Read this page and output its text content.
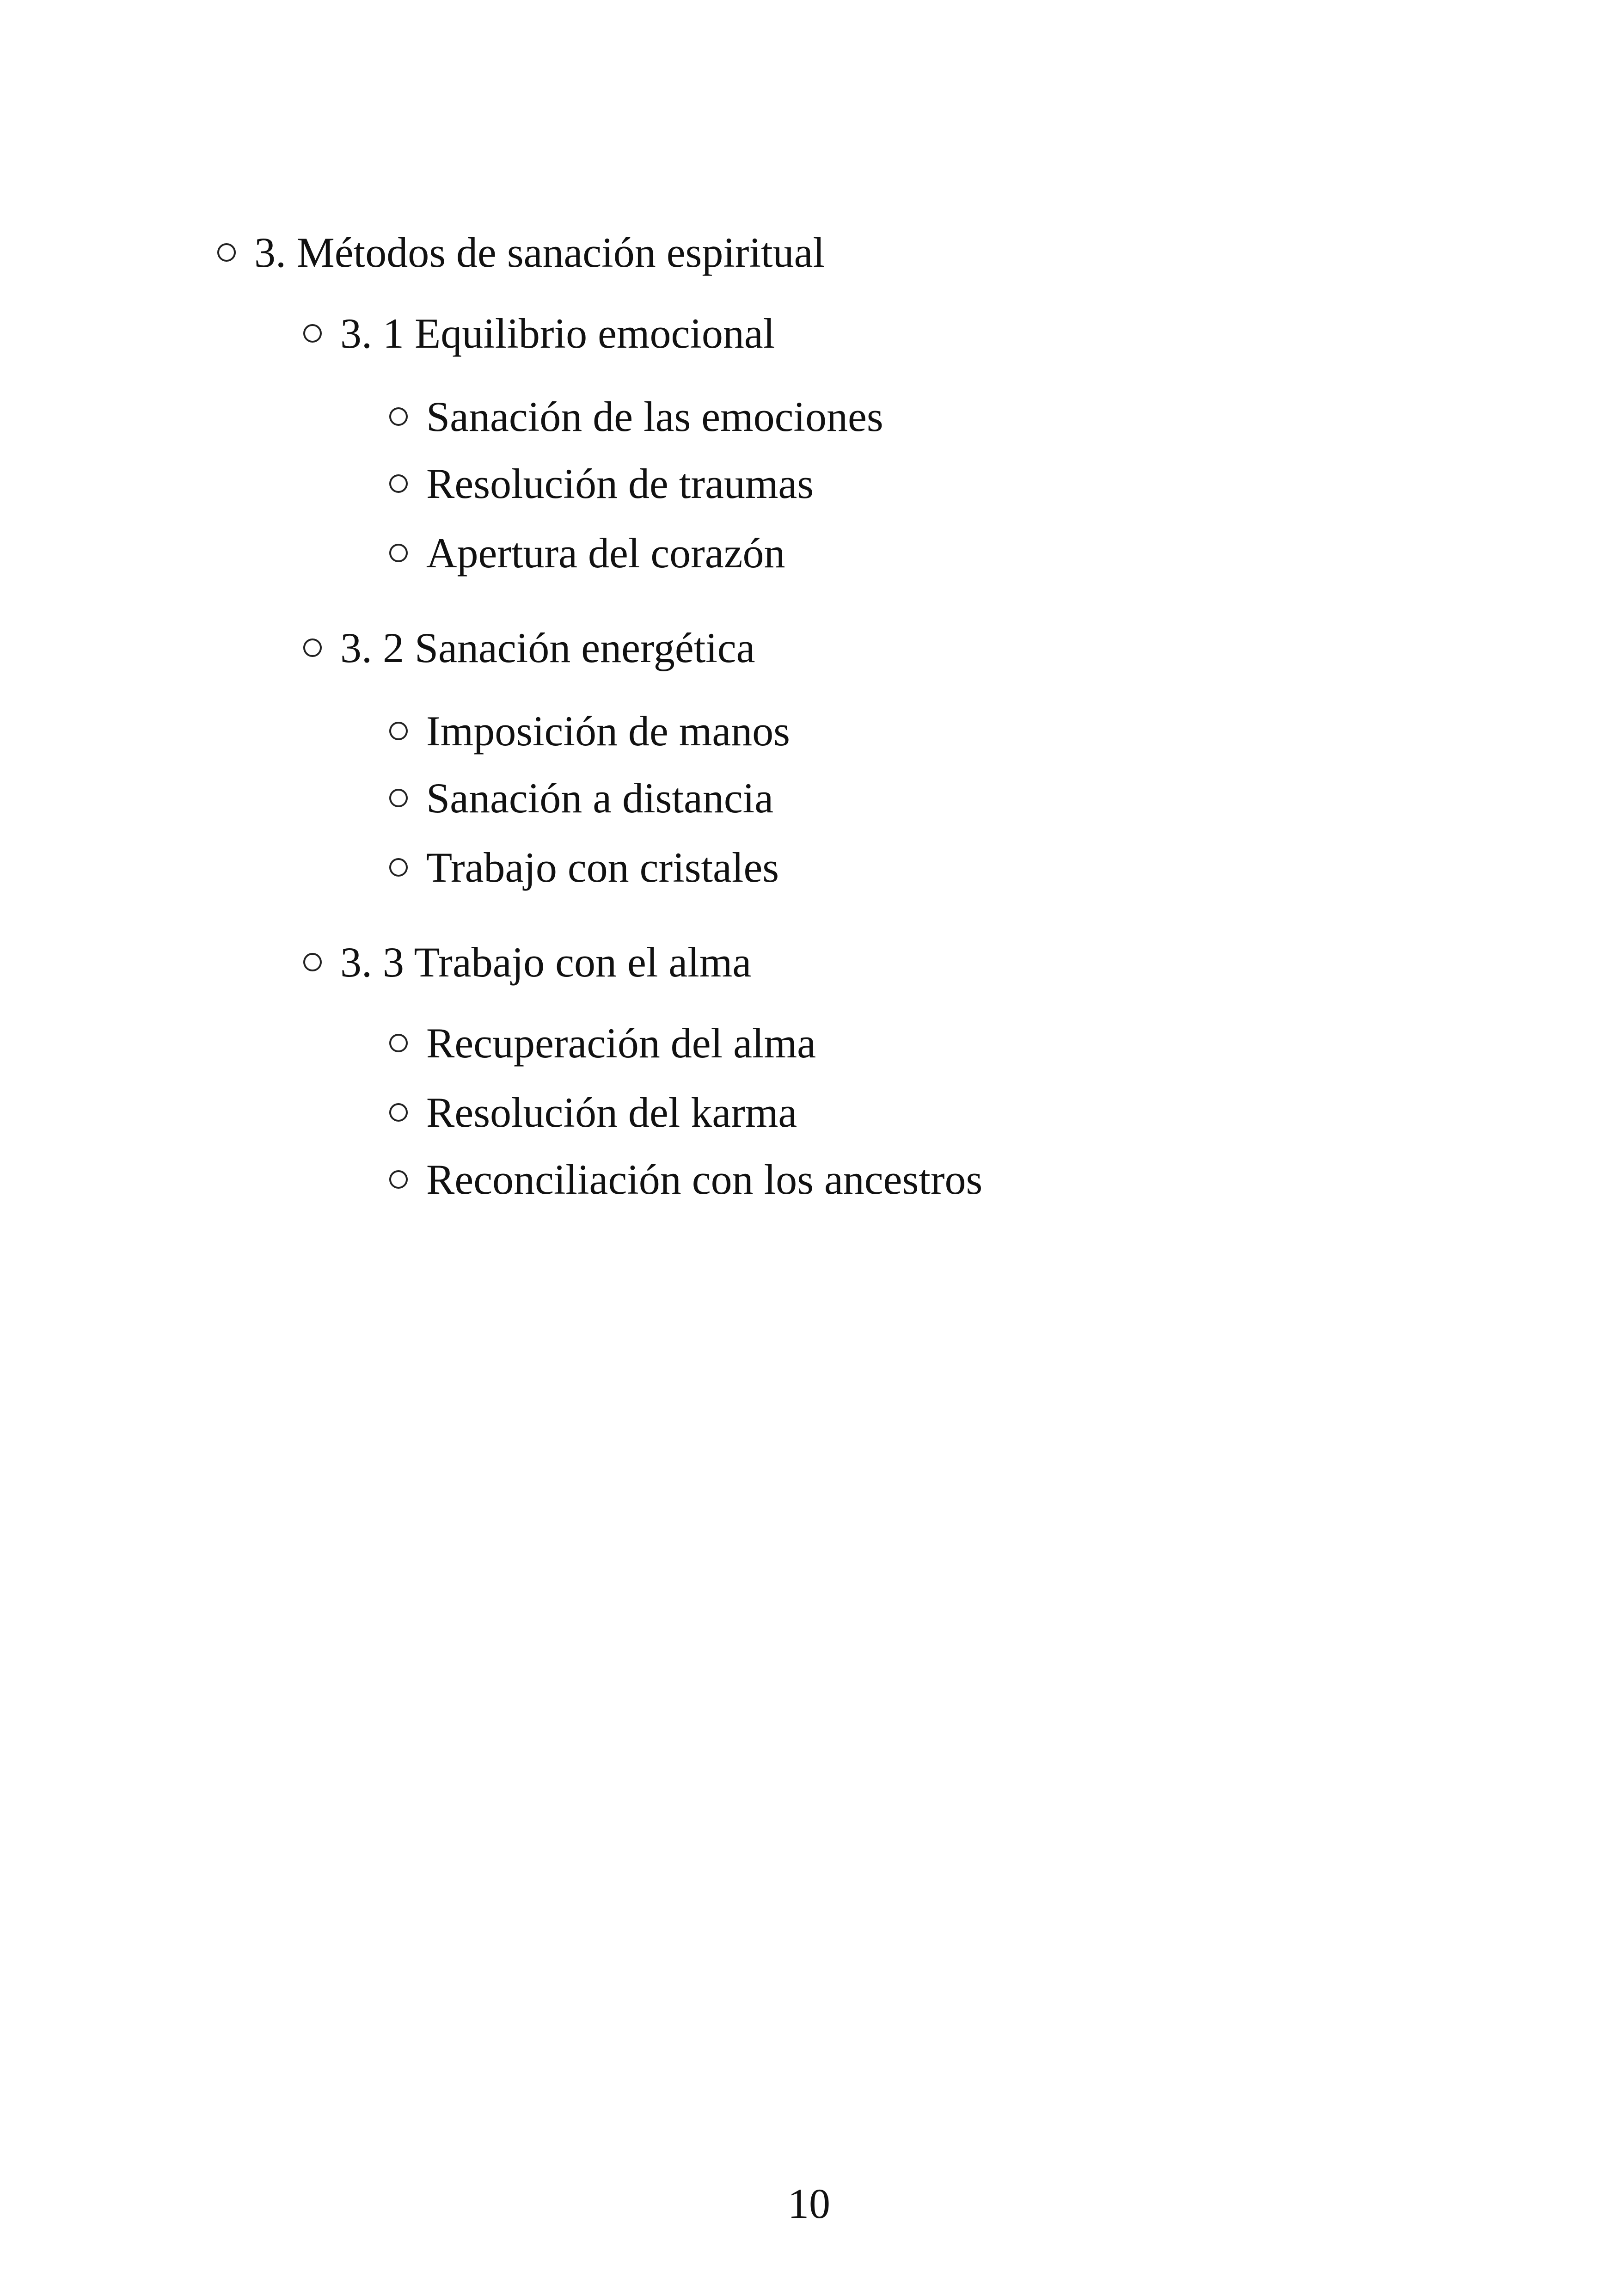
3. Métodos de sanación espiritual
3. 1 Equilibrio emocional
Sanación de las emociones
Resolución de traumas
Apertura del corazón
3. 2 Sanación energética
Imposición de manos
Sanación a distancia
Trabajo con cristales
3. 3 Trabajo con el alma
Recuperación del alma
Resolución del karma
Reconciliación con los ancestros
10
